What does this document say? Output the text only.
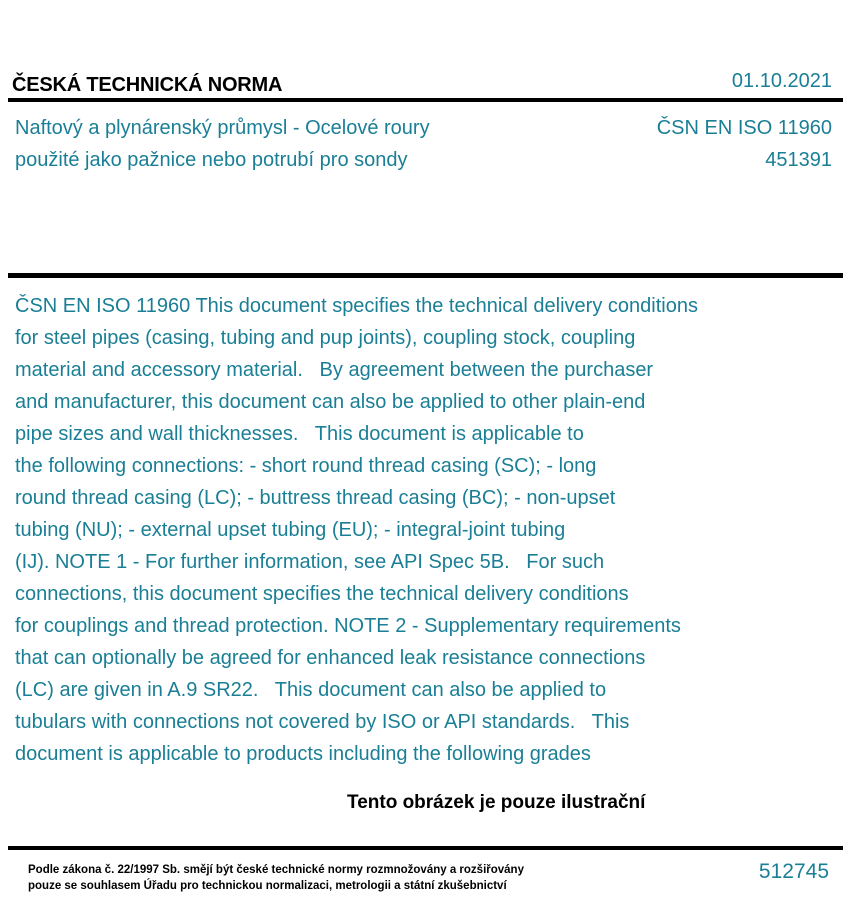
ČESKÁ TECHNICKÁ NORMA	01.10.2021
Naftový a plynárenský průmysl - Ocelové roury
použité jako pažnice nebo potrubí pro sondy
ČSN EN ISO 11960
451391
ČSN EN ISO 11960 This document specifies the technical delivery conditions
for steel pipes (casing, tubing and pup joints), coupling stock, coupling
material and accessory material.   By agreement between the purchaser
and manufacturer, this document can also be applied to other plain-end
pipe sizes and wall thicknesses.   This document is applicable to
the following connections: - short round thread casing (SC); - long
round thread casing (LC); - buttress thread casing (BC); - non-upset
tubing (NU); - external upset tubing (EU); - integral-joint tubing
(IJ). NOTE 1 - For further information, see API Spec 5B.   For such
connections, this document specifies the technical delivery conditions
for couplings and thread protection. NOTE 2 - Supplementary requirements
that can optionally be agreed for enhanced leak resistance connections
(LC) are given in A.9 SR22.   This document can also be applied to
tubulars with connections not covered by ISO or API standards.   This
document is applicable to products including the following grades
Tento obrázek je pouze ilustrační
Podle zákona č. 22/1997 Sb. smějí být české technické normy rozmnožovány a rozšiřovány
pouze se souhlasem Úřadu pro technickou normalizaci, metrologii a státní zkušebnictví
512745
